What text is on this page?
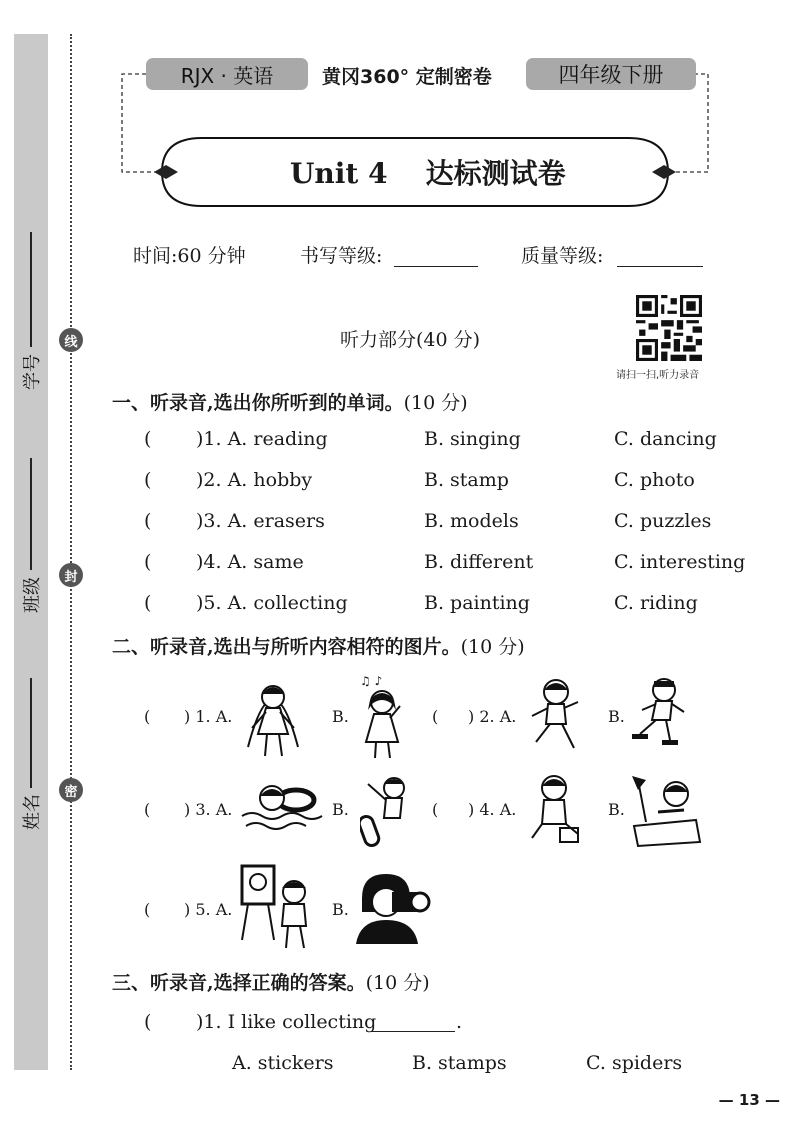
学号
班级
姓名
线
封
密
RJX · 英语	黄冈360° 定制密卷	四年级下册
Unit 4 达标测试卷
时间:60 分钟	书写等级:	质量等级:
听力部分(40 分)
请扫一扫,听力录音
一、听录音,选出你所听到的单词。(10 分)
( )1. A. reading	B. singing	C. dancing
( )2. A. hobby	B. stamp	C. photo
( )3. A. erasers	B. models	C. puzzles
( )4. A. same	B. different	C. interesting
( )5. A. collecting	B. painting	C. riding
二、听录音,选出与所听内容相符的图片。(10 分)
( ) 1. A.	B.
♫ ♪
( ) 2. A.	B.
( ) 3. A.	B.	( ) 4. A.	B.
( ) 5. A.	B.
三、听录音,选择正确的答案。(10 分)
( )1. I like collecting	.
A. stickers	B. stamps	C. spiders
— 13 —
